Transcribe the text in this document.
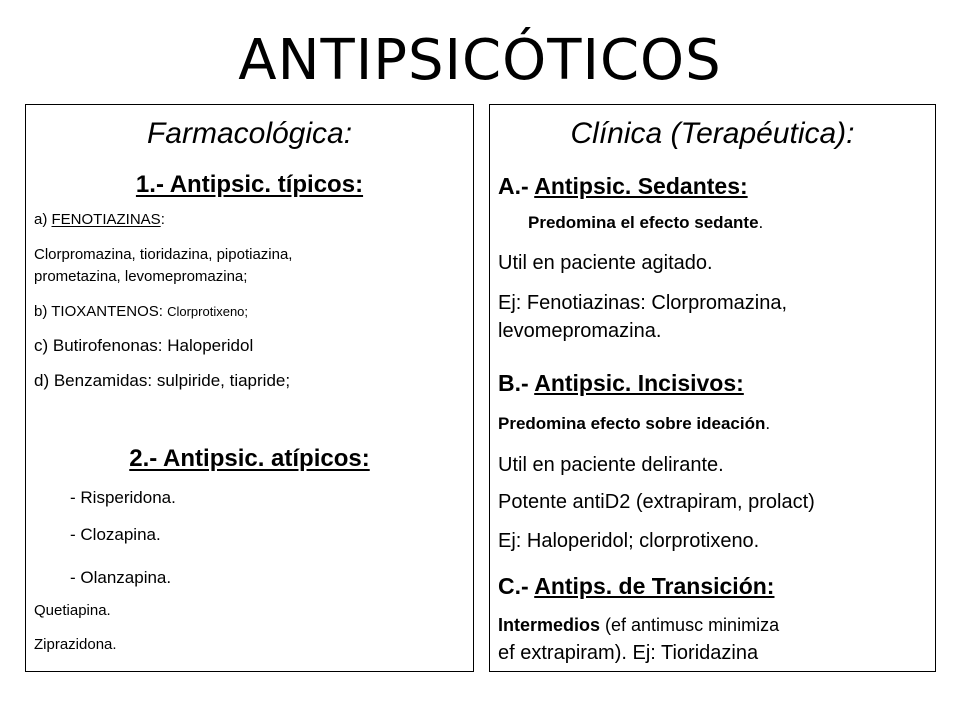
ANTIPSICÓTICOS
Farmacológica:
1.- Antipsic. típicos:
a) FENOTIAZINAS:
Clorpromazina, tioridazina, pipotiazina,
prometazina, levomepromazina;
b) TIOXANTENOS: Clorprotixeno;
c) Butirofenonas: Haloperidol
d) Benzamidas: sulpiride, tiapride;
2.- Antipsic. atípicos:
- Risperidona.
- Clozapina.
- Olanzapina.
Quetiapina.
Ziprazidona.
Clínica (Terapéutica):
A.- Antipsic. Sedantes:
Predomina el efecto sedante.
Util en paciente agitado.
Ej: Fenotiazinas: Clorpromazina,
levomepromazina.
B.- Antipsic. Incisivos:
Predomina efecto sobre ideación.
Util en paciente delirante.
Potente antiD2 (extrapiram, prolact)
Ej: Haloperidol; clorprotixeno.
C.- Antips. de Transición:
Intermedios (ef antimusc minimiza
ef extrapiram). Ej: Tioridazina
